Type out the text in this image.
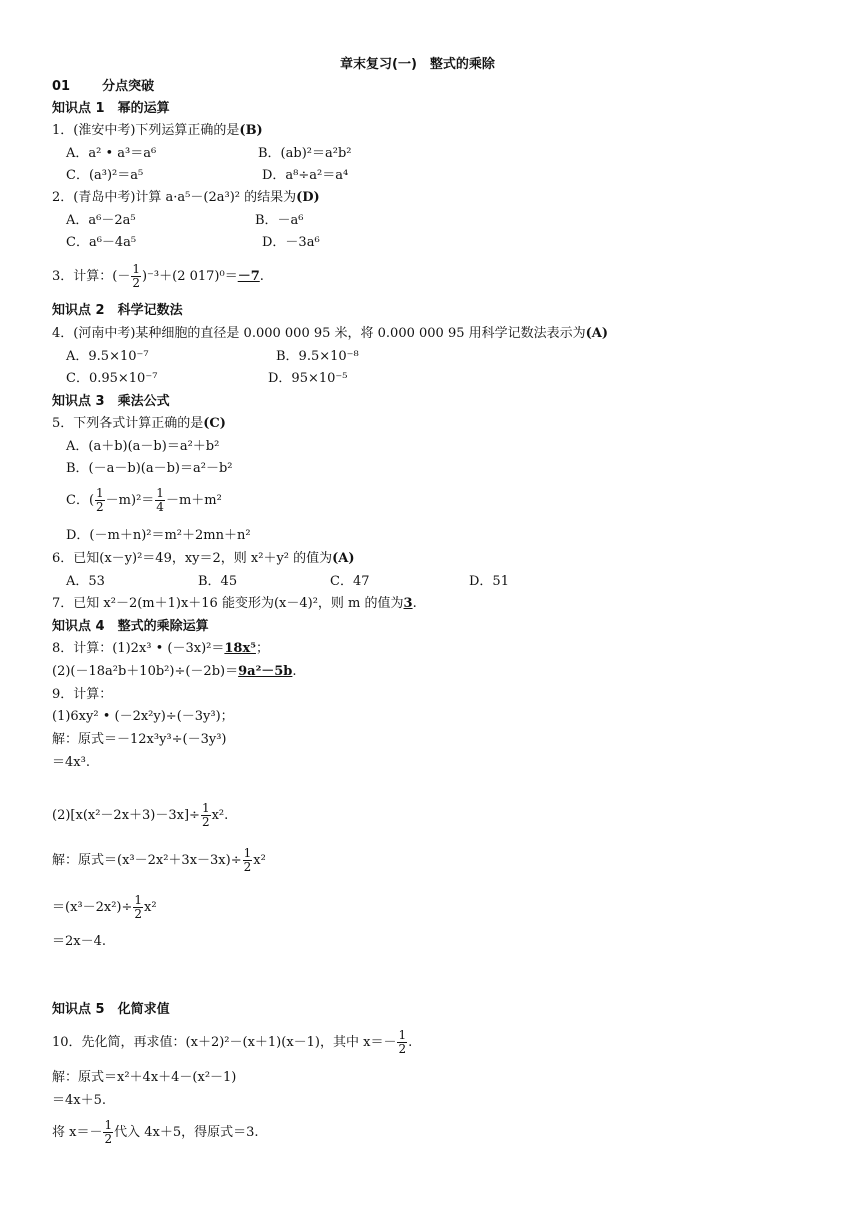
章末复习(一)　整式的乘除
01 分点突破
知识点 1　幂的运算
1．(淮安中考)下列运算正确的是(B)
A．a² • a³＝a⁶	B．(ab)²＝a²b²
C．(a³)²＝a⁵	D．a⁸÷a²＝a⁴
2．(青岛中考)计算 a·a⁵－(2a³)² 的结果为(D)
A．a⁶－2a⁵	B．－a⁶
C．a⁶－4a⁵	D．－3a⁶
3．计算：(－ $\frac{1}{2} )^{-3}+(2$ 017)⁰＝－7.
知识点 2　科学记数法
4．(河南中考)某种细胞的直径是 0.000 000 95 米，将 0.000 000 95 用科学记数法表示为(A)
A．9.5×10⁻⁷	B．9.5×10⁻⁸
C．0.95×10⁻⁷	D．95×10⁻⁵
知识点 3　乘法公式
5．下列各式计算正确的是(C)
A．(a＋b)(a－b)＝a²＋b²
B．(－a－b)(a－b)＝a²－b²
C．( $\frac{1}{2} -m)^2= \frac{1}{4} -m+m^2$
D．(－m＋n)²＝m²＋2mn＋n²
6．已知(x－y)²＝49，xy＝2，则 x²＋y² 的值为(A)
A．53	B．45	C．47	D．51
7．已知 x²－2(m＋1)x＋16 能变形为(x－4)²，则 m 的值为3.
知识点 4　整式的乘除运算
8．计算：(1)2x³ • (－3x)²＝18x⁵；
(2)(－18a²b＋10b²)÷(－2b)＝9a²－5b.
9．计算：
(1)6xy² • (－2x²y)÷(－3y³)；
解：原式＝－12x³y³÷(－3y³)
＝4x³.
$(2)[x(x^2-2x+3)-3x]\div \frac{1}{2} x^2$.
解：原式$=(x^3-2x^2+3x-3x)\div \frac{1}{2} x^2$
$=(x^3-2x^2)\div \frac{1}{2} x^2$
＝2x－4.
知识点 5　化简求值
10．先化简，再求值：(x＋2)²－(x＋1)(x－1)，其中 $x=- \frac{1}{2}$ .
解：原式＝x²＋4x＋4－(x²－1)
＝4x＋5.
将 $x=- \frac{1}{2}$ 代入 4x＋5，得原式＝3.
